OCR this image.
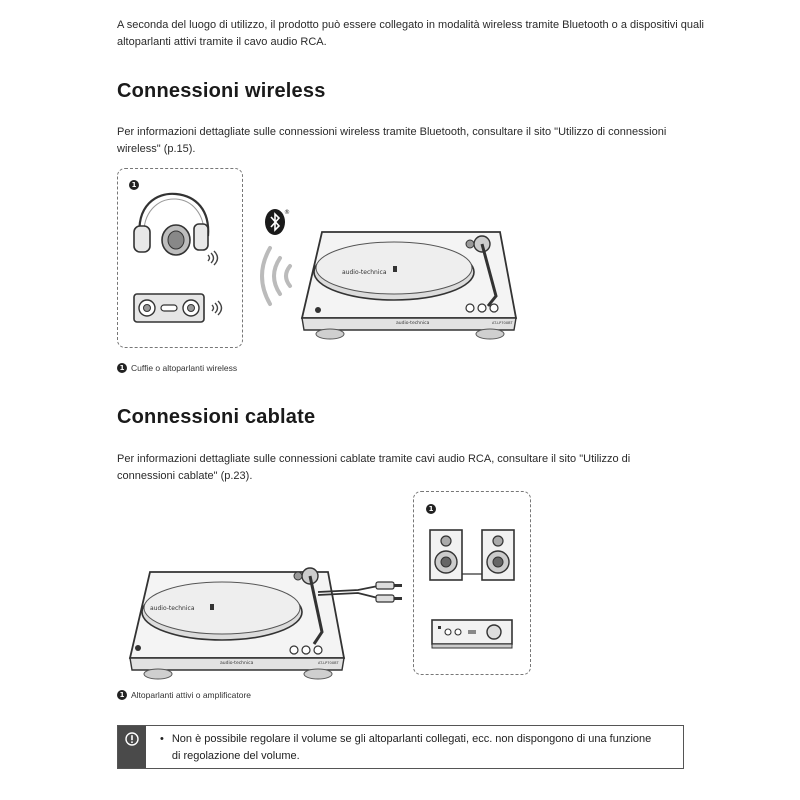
A seconda del luogo di utilizzo, il prodotto può essere collegato in modalità wireless tramite Bluetooth o a dispositivi quali altoparlanti attivi tramite il cavo audio RCA.

Connessioni wireless

Per informazioni dettagliate sulle connessioni wireless tramite Bluetooth, consultare il sito "Utilizzo di connessioni wireless" (p.15).

1
®
audio-technica
audio-technica	AT-LP70XBT
1 Cuffie o altoparlanti wireless
Connessioni cablate

Per informazioni dettagliate sulle connessioni cablate tramite cavi audio RCA, consultare il sito "Utilizzo di connessioni cablate" (p.23).

audio-technica
audio-technica	AT-LP70XBT
1
1 Altoparlanti attivi o amplificatore
• Non è possibile regolare il volume se gli altoparlanti collegati, ecc. non dispongono di una funzione di regolazione del volume.
